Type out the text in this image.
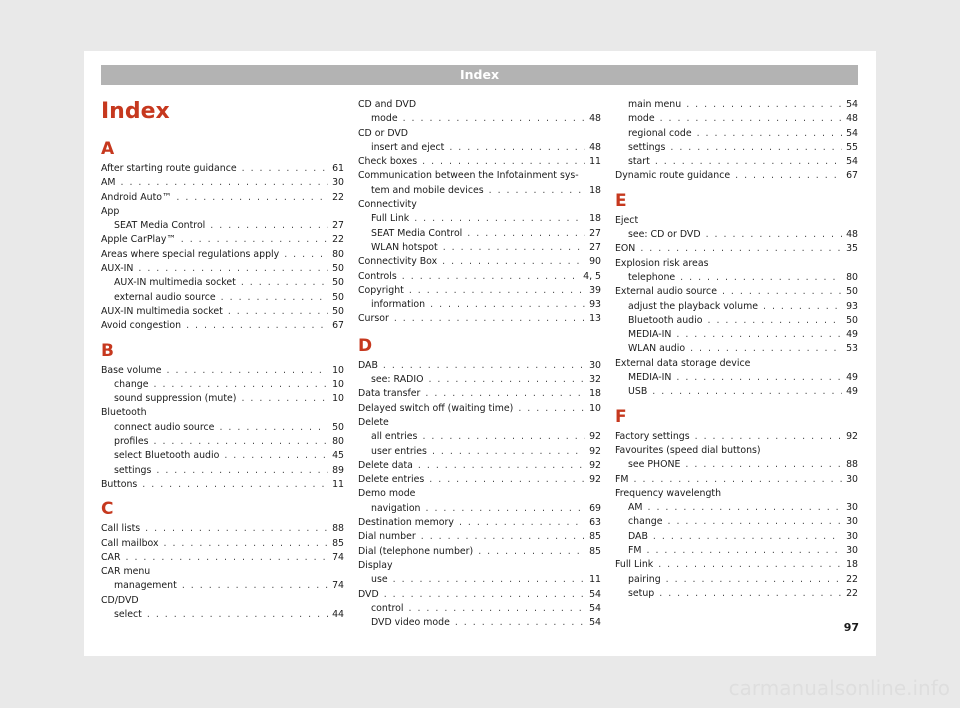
Index
Index
A
After starting route guidance . . .	61
AM . . .	30
Android Auto™ . . .	22
App
SEAT Media Control . . .	27
Apple CarPlay™ . . .	22
Areas where special regulations apply . . .	80
AUX-IN . . .	50
AUX-IN multimedia socket . . .	50
external audio source . . .	50
AUX-IN multimedia socket . . .	50
Avoid congestion . . .	67
B
Base volume . . .	10
change . . .	10
sound suppression (mute) . . .	10
Bluetooth
connect audio source . . .	50
profiles . . .	80
select Bluetooth audio . . .	45
settings . . .	89
Buttons . . .	11
C
Call lists . . .	88
Call mailbox . . .	85
CAR . . .	74
CAR menu
management . . .	74
CD/DVD
select . . .	44
CD and DVD
mode . . .	48
CD or DVD
insert and eject . . .	48
Check boxes . . .	11
Communication between the Infotainment sys-
tem and mobile devices . . .	18
Connectivity
Full Link . . .	18
SEAT Media Control . . .	27
WLAN hotspot . . .	27
Connectivity Box . . .	90
Controls . . .	4, 5
Copyright . . .	39
information . . .	93
Cursor . . .	13
D
DAB . . .	30
see: RADIO . . .	32
Data transfer . . .	18
Delayed switch off (waiting time) . . .	10
Delete
all entries . . .	92
user entries . . .	92
Delete data . . .	92
Delete entries . . .	92
Demo mode
navigation . . .	69
Destination memory . . .	63
Dial number . . .	85
Dial (telephone number) . . .	85
Display
use . . .	11
DVD . . .	54
control . . .	54
DVD video mode . . .	54
main menu . . .	54
mode . . .	48
regional code . . .	54
settings . . .	55
start . . .	54
Dynamic route guidance . . .	67
E
Eject
see: CD or DVD . . .	48
EON . . .	35
Explosion risk areas
telephone . . .	80
External audio source . . .	50
adjust the playback volume . . .	93
Bluetooth audio . . .	50
MEDIA-IN . . .	49
WLAN audio . . .	53
External data storage device
MEDIA-IN . . .	49
USB . . .	49
F
Factory settings . . .	92
Favourites (speed dial buttons)
see PHONE . . .	88
FM . . .	30
Frequency wavelength
AM . . .	30
change . . .	30
DAB . . .	30
FM . . .	30
Full Link . . .	18
pairing . . .	22
setup . . .	22
97
carmanualsonline.info
